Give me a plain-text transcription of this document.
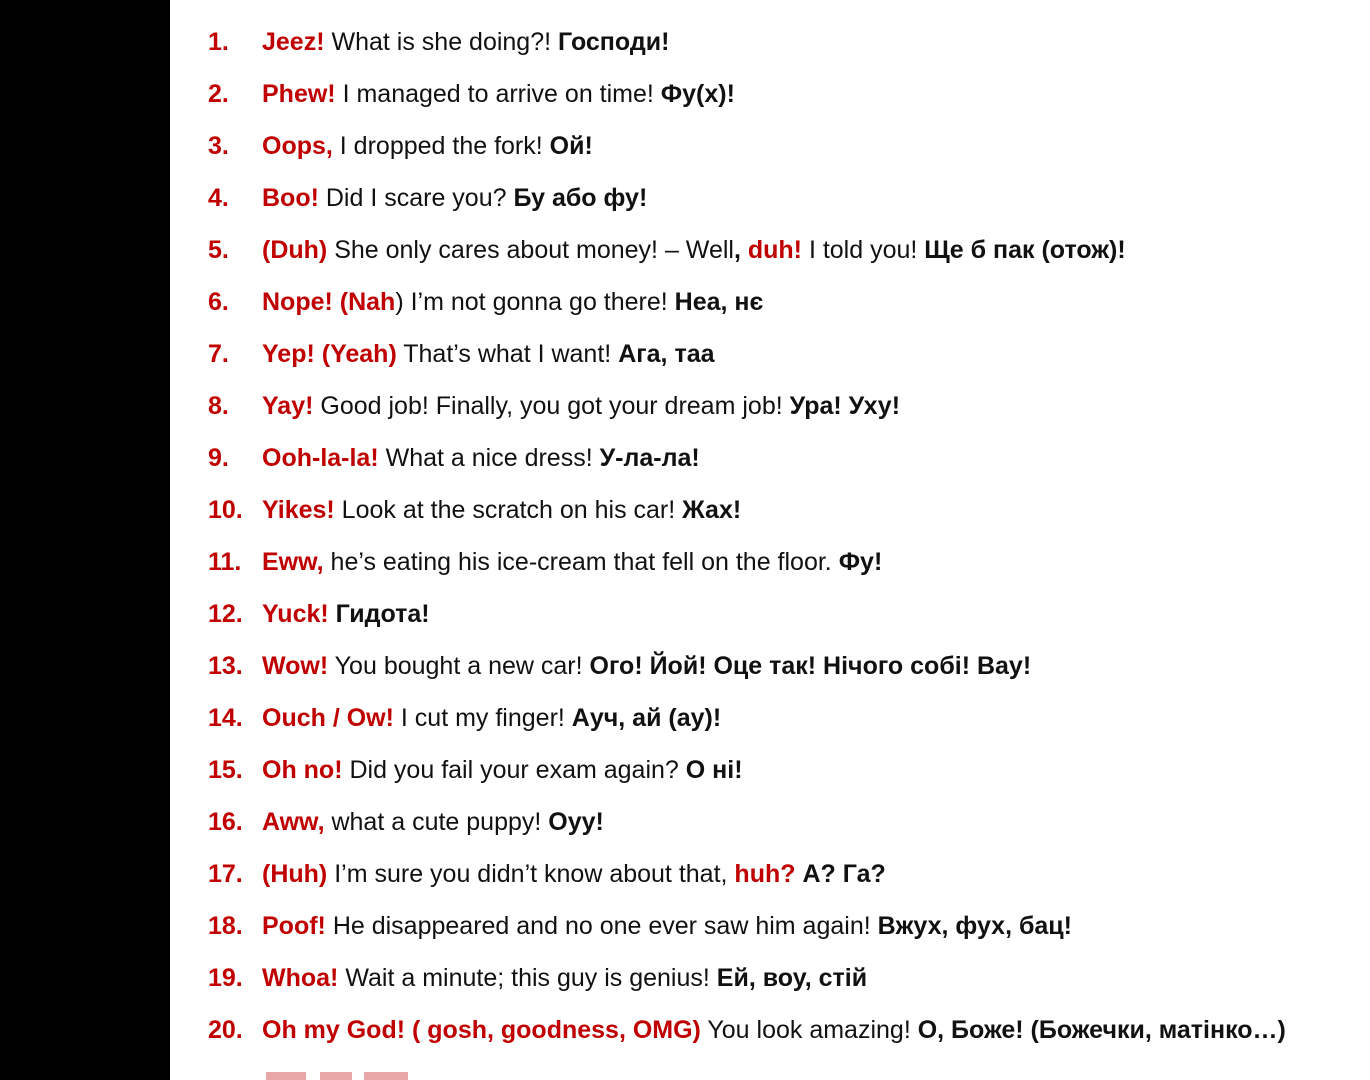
1. Jeez! What is she doing?! Господи!
2. Phew! I managed to arrive on time! Фу(х)!
3. Oops, I dropped the fork! Ой!
4. Boo! Did I scare you? Бу або фу!
5. (Duh) She only cares about money! – Well, duh! I told you! Ще б пак (отож)!
6. Nope! (Nah) I’m not gonna go there! Неа, нє
7. Yep! (Yeah) That’s what I want! Ага, таа
8. Yay! Good job! Finally, you got your dream job! Ура! Уху!
9. Ooh-la-la! What a nice dress! У-ла-ла!
10. Yikes! Look at the scratch on his car! Жах!
11. Eww, he’s eating his ice-cream that fell on the floor. Фу!
12. Yuck! Гидота!
13. Wow! You bought a new car! Ого! Йой! Оце так! Нічого собі! Вау!
14. Ouch / Ow! I cut my finger! Ауч, ай (ау)!
15. Oh no! Did you fail your exam again? О ні!
16. Aww, what a cute puppy! Оуу!
17. (Huh) I’m sure you didn’t know about that, huh? А? Га?
18. Poof! He disappeared and no one ever saw him again! Вжух, фух, бац!
19. Whoa! Wait a minute; this guy is genius! Ей, воу, стій
20. Oh my God! ( gosh, goodness, OMG) You look amazing! О, Боже! (Божечки, матінко…)
